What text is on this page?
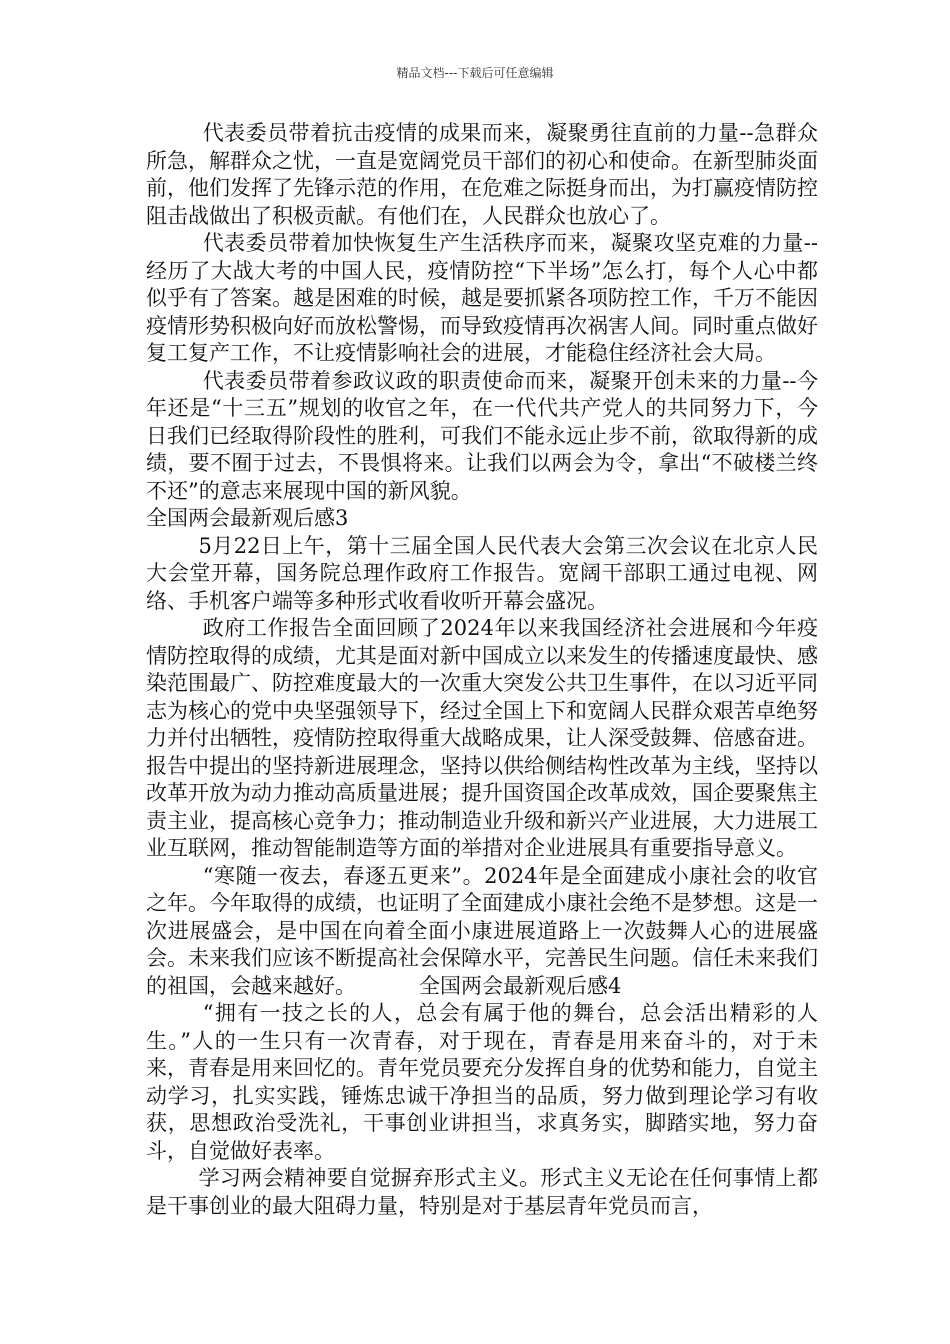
精品文档---下载后可任意编辑

代表委员带着抗击疫情的成果而来，凝聚勇往直前的力量--急群众所急，解群众之忧，一直是宽阔党员干部们的初心和使命。在新型肺炎面前，他们发挥了先锋示范的作用，在危难之际挺身而出，为打赢疫情防控阻击战做出了积极贡献。有他们在，人民群众也放心了。

代表委员带着加快恢复生产生活秩序而来，凝聚攻坚克难的力量--经历了大战大考的中国人民，疫情防控“下半场”怎么打，每个人心中都似乎有了答案。越是困难的时候，越是要抓紧各项防控工作，千万不能因疫情形势积极向好而放松警惕，而导致疫情再次祸害人间。同时重点做好复工复产工作，不让疫情影响社会的进展，才能稳住经济社会大局。

代表委员带着参政议政的职责使命而来，凝聚开创未来的力量--今年还是“十三五”规划的收官之年，在一代代共产党人的共同努力下，今日我们已经取得阶段性的胜利，可我们不能永远止步不前，欲取得新的成绩，要不囿于过去，不畏惧将来。让我们以两会为令，拿出“不破楼兰终不还”的意志来展现中国的新风貌。

全国两会最新观后感3

5月22日上午，第十三届全国人民代表大会第三次会议在北京人民大会堂开幕，国务院总理作政府工作报告。宽阔干部职工通过电视、网络、手机客户端等多种形式收看收听开幕会盛况。

政府工作报告全面回顾了2024年以来我国经济社会进展和今年疫情防控取得的成绩，尤其是面对新中国成立以来发生的传播速度最快、感染范围最广、防控难度最大的一次重大突发公共卫生事件，在以习近平同志为核心的党中央坚强领导下，经过全国上下和宽阔人民群众艰苦卓绝努力并付出牺牲，疫情防控取得重大战略成果，让人深受鼓舞、倍感奋进。报告中提出的坚持新进展理念，坚持以供给侧结构性改革为主线，坚持以改革开放为动力推动高质量进展；提升国资国企改革成效，国企要聚焦主责主业，提高核心竞争力；推动制造业升级和新兴产业进展，大力进展工业互联网，推动智能制造等方面的举措对企业进展具有重要指导意义。

“寒随一夜去，春逐五更来”。2024年是全面建成小康社会的收官之年。今年取得的成绩，也证明了全面建成小康社会绝不是梦想。这是一次进展盛会，是中国在向着全面小康进展道路上一次鼓舞人心的进展盛会。未来我们应该不断提高社会保障水平，完善民生问题。信任未来我们的祖国，会越来越好。	全国两会最新观后感4

“拥有一技之长的人，总会有属于他的舞台，总会活出精彩的人生。”人的一生只有一次青春，对于现在，青春是用来奋斗的，对于未来，青春是用来回忆的。青年党员要充分发挥自身的优势和能力，自觉主动学习，扎实实践，锤炼忠诚干净担当的品质，努力做到理论学习有收获，思想政治受洗礼，干事创业讲担当，求真务实，脚踏实地，努力奋斗，自觉做好表率。

学习两会精神要自觉摒弃形式主义。形式主义无论在任何事情上都是干事创业的最大阻碍力量，特别是对于基层青年党员而言，
